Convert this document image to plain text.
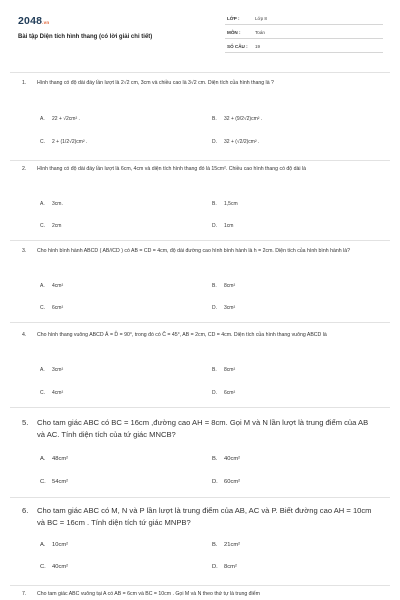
2048.vn
Bài tập Diện tích hình thang (có lời giải chi tiết)
LỚP :	Lớp 8
MÔN :	Toán
SỐ CÂU : 19
1. Hình thang có độ dài đáy lần lượt là 2√2 cm, 3cm và chiều cao là 3√2 cm. Diện tích của hình thang là ?
A. 22 + √2cm² .	B. 32 + (9/2√2)cm² .
C. 2 + (1/2√2)cm² .	D. 32 + (√2/2)cm² .
2. Hình thang có độ dài đáy lần lượt là 6cm, 4cm và diện tích hình thang đó là 15cm². Chiều cao hình thang có độ dài là
A. 3cm.	B. 1,5cm
C. 2cm	D. 1cm
3. Cho hình bình hành ABCD ( AB//CD ) có AB = CD = 4cm, độ dài đường cao hình bình hành là h = 2cm. Diện tích của hình bình hành là?
A. 4cm²	B. 8cm²
C. 6cm²	D. 3cm²
4. Cho hình thang vuông ABCD Â = D̂ = 90°, trong đó có Ĉ = 45°, AB = 2cm, CD = 4cm. Diện tích của hình thang vuông ABCD là
A. 3cm²	B. 8cm²
C. 4cm²	D. 6cm²
5. Cho tam giác ABC có BC = 16cm ,đường cao AH = 8cm. Gọi M và N lần lượt là trung điểm của AB và AC. Tính diện tích của tứ giác MNCB?
A. 48cm²	B. 40cm²
C. 54cm²	D. 60cm²
6. Cho tam giác ABC có M, N và P lần lượt là trung điểm của AB, AC và P. Biết đường cao AH = 10cm và BC = 16cm . Tính diện tích tứ giác MNPB?
A. 10cm²	B. 21cm²
C. 40cm²	D. 8cm²
7. Cho tam giác ABC vuông tại A có AB = 6cm và BC = 10cm . Gọi M và N theo thứ tự là trung điểm
